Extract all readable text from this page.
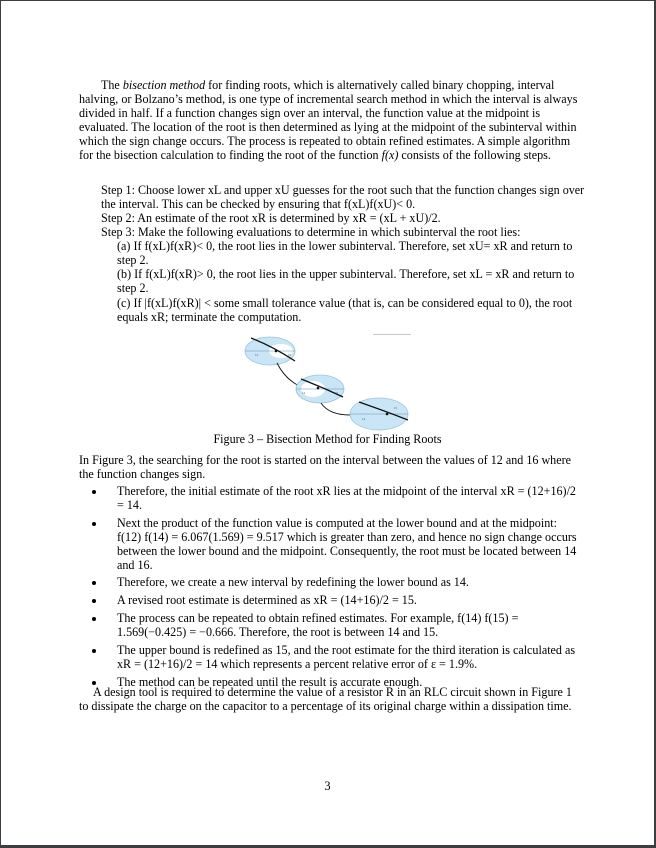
The bisection method for finding roots, which is alternatively called binary chopping, interval halving, or Bolzano’s method, is one type of incremental search method in which the interval is always divided in half. If a function changes sign over an interval, the function value at the midpoint is evaluated. The location of the root is then determined as lying at the midpoint of the subinterval within which the sign change occurs. The process is repeated to obtain refined estimates. A simple algorithm for the bisection calculation to finding the root of the function f(x) consists of the following steps.

Step 1: Choose lower xL and upper xU guesses for the root such that the function changes sign over the interval. This can be checked by ensuring that f(xL)f(xU)< 0.

Step 2: An estimate of the root xR is determined by xR = (xL + xU)/2.

Step 3: Make the following evaluations to determine in which subinterval the root lies:

(a) If f(xL)f(xR)< 0, the root lies in the lower subinterval. Therefore, set xU= xR and return to step 2.

(b) If f(xL)f(xR)> 0, the root lies in the upper subinterval. Therefore, set xL = xR and return to step 2.

(c) If |f(xL)f(xR)| < some small tolerance value (that is, can be considered equal to 0), the root equals xR; terminate the computation.

12	16
14	16
14
15
Figure 3 – Bisection Method for Finding Roots

In Figure 3, the searching for the root is started on the interval between the values of 12 and 16 where the function changes sign.

Therefore, the initial estimate of the root xR lies at the midpoint of the interval xR = (12+16)/2 = 14.
Next the product of the function value is computed at the lower bound and at the midpoint: f(12) f(14) = 6.067(1.569) = 9.517 which is greater than zero, and hence no sign change occurs between the lower bound and the midpoint. Consequently, the root must be located between 14 and 16.
Therefore, we create a new interval by redefining the lower bound as 14.
A revised root estimate is determined as xR = (14+16)/2 = 15.
The process can be repeated to obtain refined estimates. For example, f(14) f(15) = 1.569(−0.425) = −0.666. Therefore, the root is between 14 and 15.
The upper bound is redefined as 15, and the root estimate for the third iteration is calculated as xR = (12+16)/2 = 14 which represents a percent relative error of ε = 1.9%.
The method can be repeated until the result is accurate enough.

A design tool is required to determine the value of a resistor R in an RLC circuit shown in Figure 1 to dissipate the charge on the capacitor to a percentage of its original charge within a dissipation time.

3
